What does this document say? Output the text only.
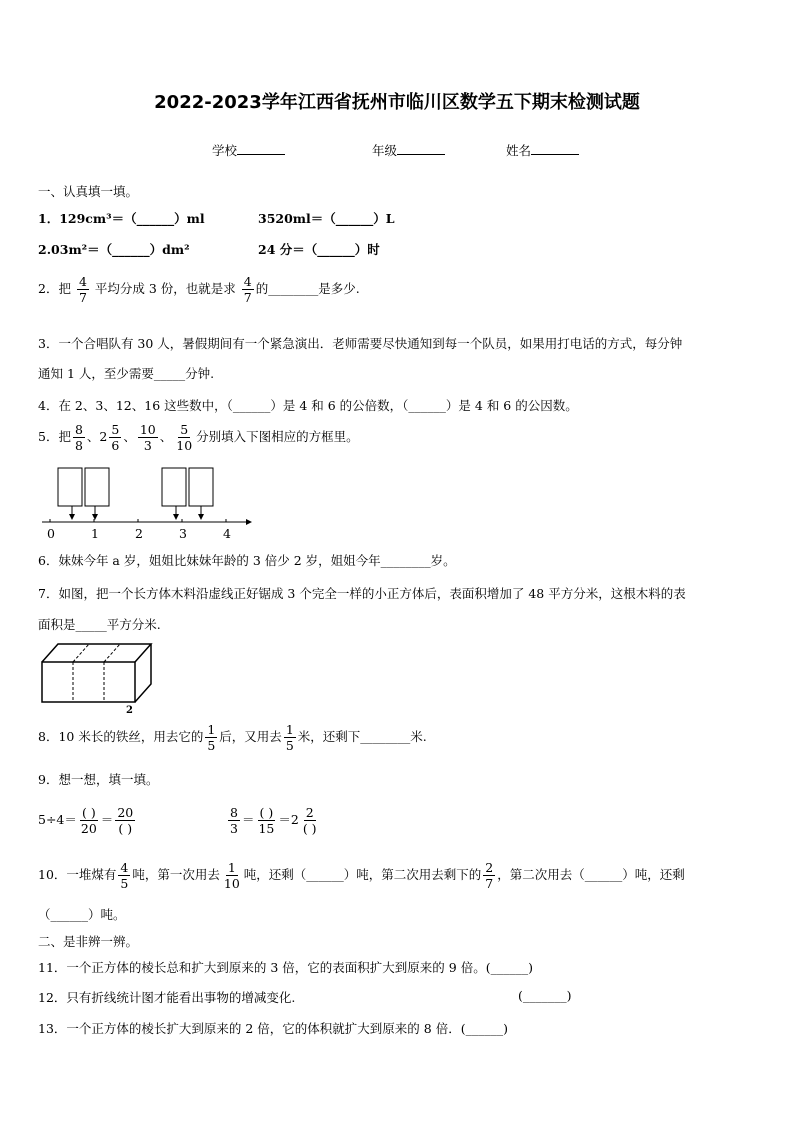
2022-2023学年江西省抚州市临川区数学五下期末检测试题
学校	年级	姓名
一、认真填一填。
1．129cm³＝（______）ml	3520ml＝（______）L
2.03m²＝（______）dm²	24 分＝（______）时
2．把 $\frac{4}{7}$ 平均分成 3 份，也就是求 $\frac{4}{7}$ 的________是多少.
3．一个合唱队有 30 人，暑假期间有一个紧急演出．老师需要尽快通知到每一个队员，如果用打电话的方式，每分钟
通知 1 人，至少需要_____分钟.
4．在 2、3、12、16 这些数中，（______）是 4 和 6 的公倍数，（______）是 4 和 6 的公因数。
5．把 $\frac{8}{8}$ 、$2 \frac{5}{6}$ 、 $\frac{10}{3}$ 、 $\frac{5}{10}$ 分别填入下图相应的方框里。
0	1	2	3	4
6．妹妹今年 a 岁，姐姐比妹妹年龄的 3 倍少 2 岁，姐姐今年________岁。
7．如图，把一个长方体木料沿虚线正好锯成 3 个完全一样的小正方体后，表面积增加了 48 平方分米，这根木料的表
面积是_____平方分米.
2
8．10 米长的铁丝，用去它的 $\frac{1}{5}$ 后，又用去 $\frac{1}{5}$ 米，还剩下________米.
9．想一想，填一填。
$5\div 4= \frac{( )}{20} = \frac{20}{( )}$	$\frac{8}{3} = \frac{( )}{15} =2 \frac{2}{( )}$
10．一堆煤有 $\frac{4}{5}$ 吨，第一次用去 $\frac{1}{10}$ 吨，还剩（______）吨，第二次用去剩下的 $\frac{2}{7}$ ，第二次用去（______）吨，还剩
（______）吨。
二、是非辨一辨。
11．一个正方体的棱长总和扩大到原来的 3 倍，它的表面积扩大到原来的 9 倍。(______)
12．只有折线统计图才能看出事物的增减变化.	(_______)
13．一个正方体的棱长扩大到原来的 2 倍，它的体积就扩大到原来的 8 倍．(______)
